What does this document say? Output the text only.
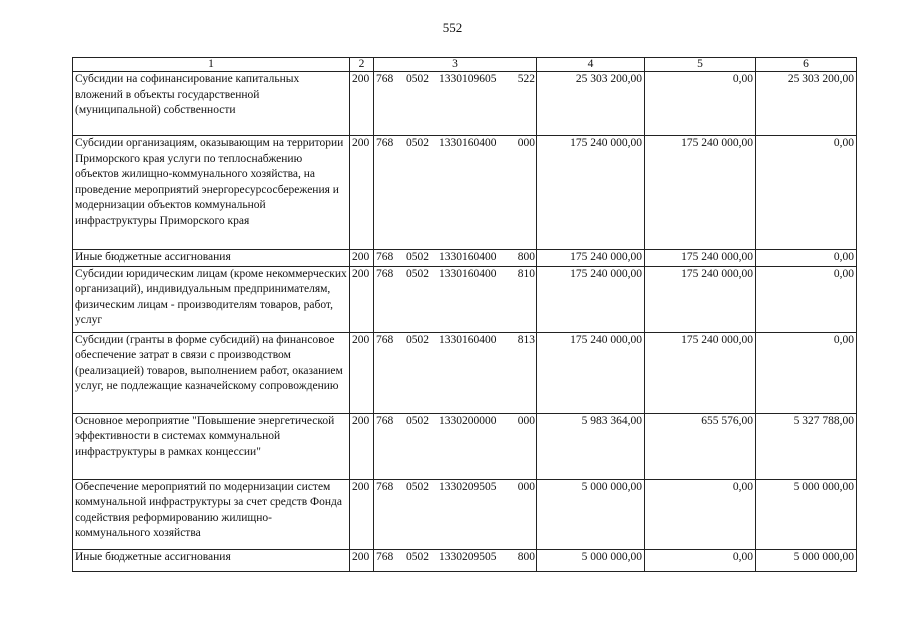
552
1	2	3	4	5	6
Субсидии на софинансирование капитальных вложений в объекты государственной (муниципальной) собственности	200	768 0502 1330109605 522	25 303 200,00	0,00	25 303 200,00
Субсидии организациям, оказывающим на территории Приморского края услуги по теплоснабжению объектов жилищно-коммунального хозяйства, на проведение мероприятий энергоресурсосбережения и модернизации объектов коммунальной инфраструктуры Приморского края	200	768 0502 1330160400 000	175 240 000,00	175 240 000,00	0,00
Иные бюджетные ассигнования	200	768 0502 1330160400 800	175 240 000,00	175 240 000,00	0,00
Субсидии юридическим лицам (кроме некоммерческих организаций), индивидуальным предпринимателям, физическим лицам - производителям товаров, работ, услуг	200	768 0502 1330160400 810	175 240 000,00	175 240 000,00	0,00
Субсидии (гранты в форме субсидий) на финансовое обеспечение затрат в связи с производством (реализацией) товаров, выполнением работ, оказанием услуг, не подлежащие казначейскому сопровождению	200	768 0502 1330160400 813	175 240 000,00	175 240 000,00	0,00
Основное мероприятие "Повышение энергетической эффективности в системах коммунальной инфраструктуры в рамках концессии"	200	768 0502 1330200000 000	5 983 364,00	655 576,00	5 327 788,00
Обеспечение мероприятий по модернизации систем коммунальной инфраструктуры за счет средств Фонда содействия реформированию жилищно-коммунального хозяйства	200	768 0502 1330209505 000	5 000 000,00	0,00	5 000 000,00
Иные бюджетные ассигнования	200	768 0502 1330209505 800	5 000 000,00	0,00	5 000 000,00
